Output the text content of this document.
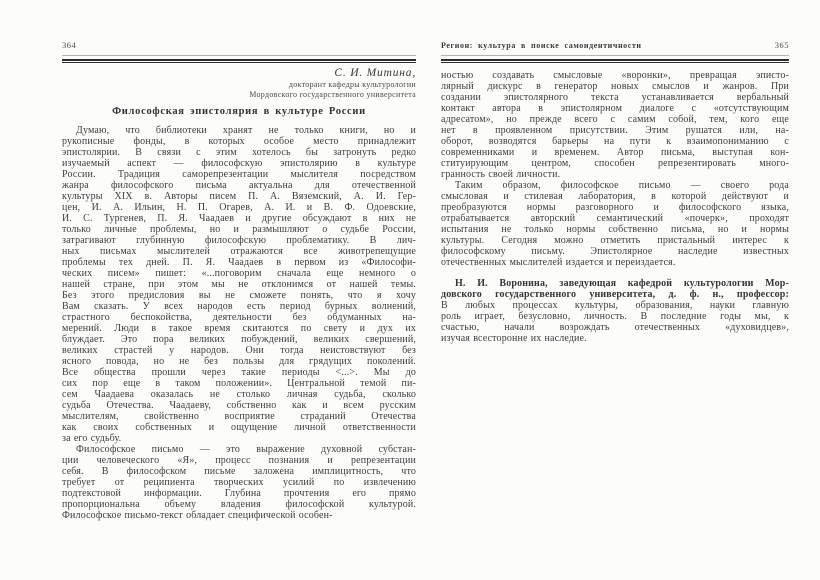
364
С. И. Митина,
докторант кафедры культурологии
Мордовского государственного университета
Философская эпистолярия в культуре России
Думаю, что библиотеки хранят не только книги, но и
рукописные фонды, в которых особое место принадлежит
эпистолярии. В связи с этим хотелось бы затронуть редко
изучаемый аспект — философскую эпистолярию в культуре
России. Традиция саморепрезентации мыслителя посредством
жанра философского письма актуальна для отечественной
культуры XIX в. Авторы писем П. А. Вяземский, А. И. Гер-
цен, И. А. Ильин, Н. П. Огарев, А. И. и В. Ф. Одоевские,
И. С. Тургенев, П. Я. Чаадаев и другие обсуждают в них не
только личные проблемы, но и размышляют о судьбе России,
затрагивают глубинную философскую проблематику. В лич-
ных письмах мыслителей отражаются все животрепещущие
проблемы тех дней. П. Я. Чаадаев в первом из «Философи-
ческих писем» пишет: «...поговорим сначала еще немного о
нашей стране, при этом мы не отклонимся от нашей темы.
Без этого предисловия вы не сможете понять, что я хочу
Вам сказать. У всех народов есть период бурных волнений,
страстного беспокойства, деятельности без обдуманных на-
мерений. Люди в такое время скитаются по свету и дух их
блуждает. Это пора великих побуждений, великих свершений,
великих страстей у народов. Они тогда неистовствуют без
ясного повода, но не без пользы для грядущих поколений.
Все общества прошли через такие периоды <...>. Мы до
сих пор еще в таком положении». Центральной темой пи-
сем Чаадаева оказалась не столько личная судьба, сколько
судьба Отечества. Чаадаеву, собственно как и всем русским
мыслителям, свойственно восприятие страданий Отечества
как своих собственных и ощущение личной ответственности
за его судьбу.
Философское письмо — это выражение духовной субстан-
ции человеческого «Я», процесс познания и репрезентации
себя. В философском письме заложена имплицитность, что
требует от реципиента творческих усилий по извлечению
подтекстовой информации. Глубина прочтения его прямо
пропорциональна объему владения философской культурой.
Философское письмо-текст обладает специфической особен-
Регион: культура в поиске самоидентичности	365
ностью создавать смысловые «воронки», превращая эписто-
лярный дискурс в генератор новых смыслов и жанров. При
создании эпистолярного текста устанавливается вербальный
контакт автора в эпистолярном диалоге с «отсутствующим
адресатом», но прежде всего с самим собой, тем, кого еще
нет в проявленном присутствии. Этим рушатся или, на-
оборот, возводятся барьеры на пути к взаимопониманию с
современниками и временем. Автор письма, выступая кон-
ституирующим центром, способен репрезентировать много-
гранность своей личности.
Таким образом, философское письмо — своего рода
смысловая и стилевая лаборатория, в которой действуют и
преобразуются нормы разговорного и философского языка,
отрабатывается авторский семантический «почерк», проходят
испытания не только нормы собственно письма, но и нормы
культуры. Сегодня можно отметить пристальный интерес к
философскому письму. Эпистолярное наследие известных
отечественных мыслителей издается и переиздается.
Н. И. Воронина, заведующая кафедрой культурологии Мор-
довского государственного университета, д. ф. н., профессор:
В любых процессах культуры, образования, науки главную
роль играет, безусловно, личность. В последние годы мы, к
счастью, начали возрождать отечественных «духовидцев»,
изучая всесторонне их наследие.
